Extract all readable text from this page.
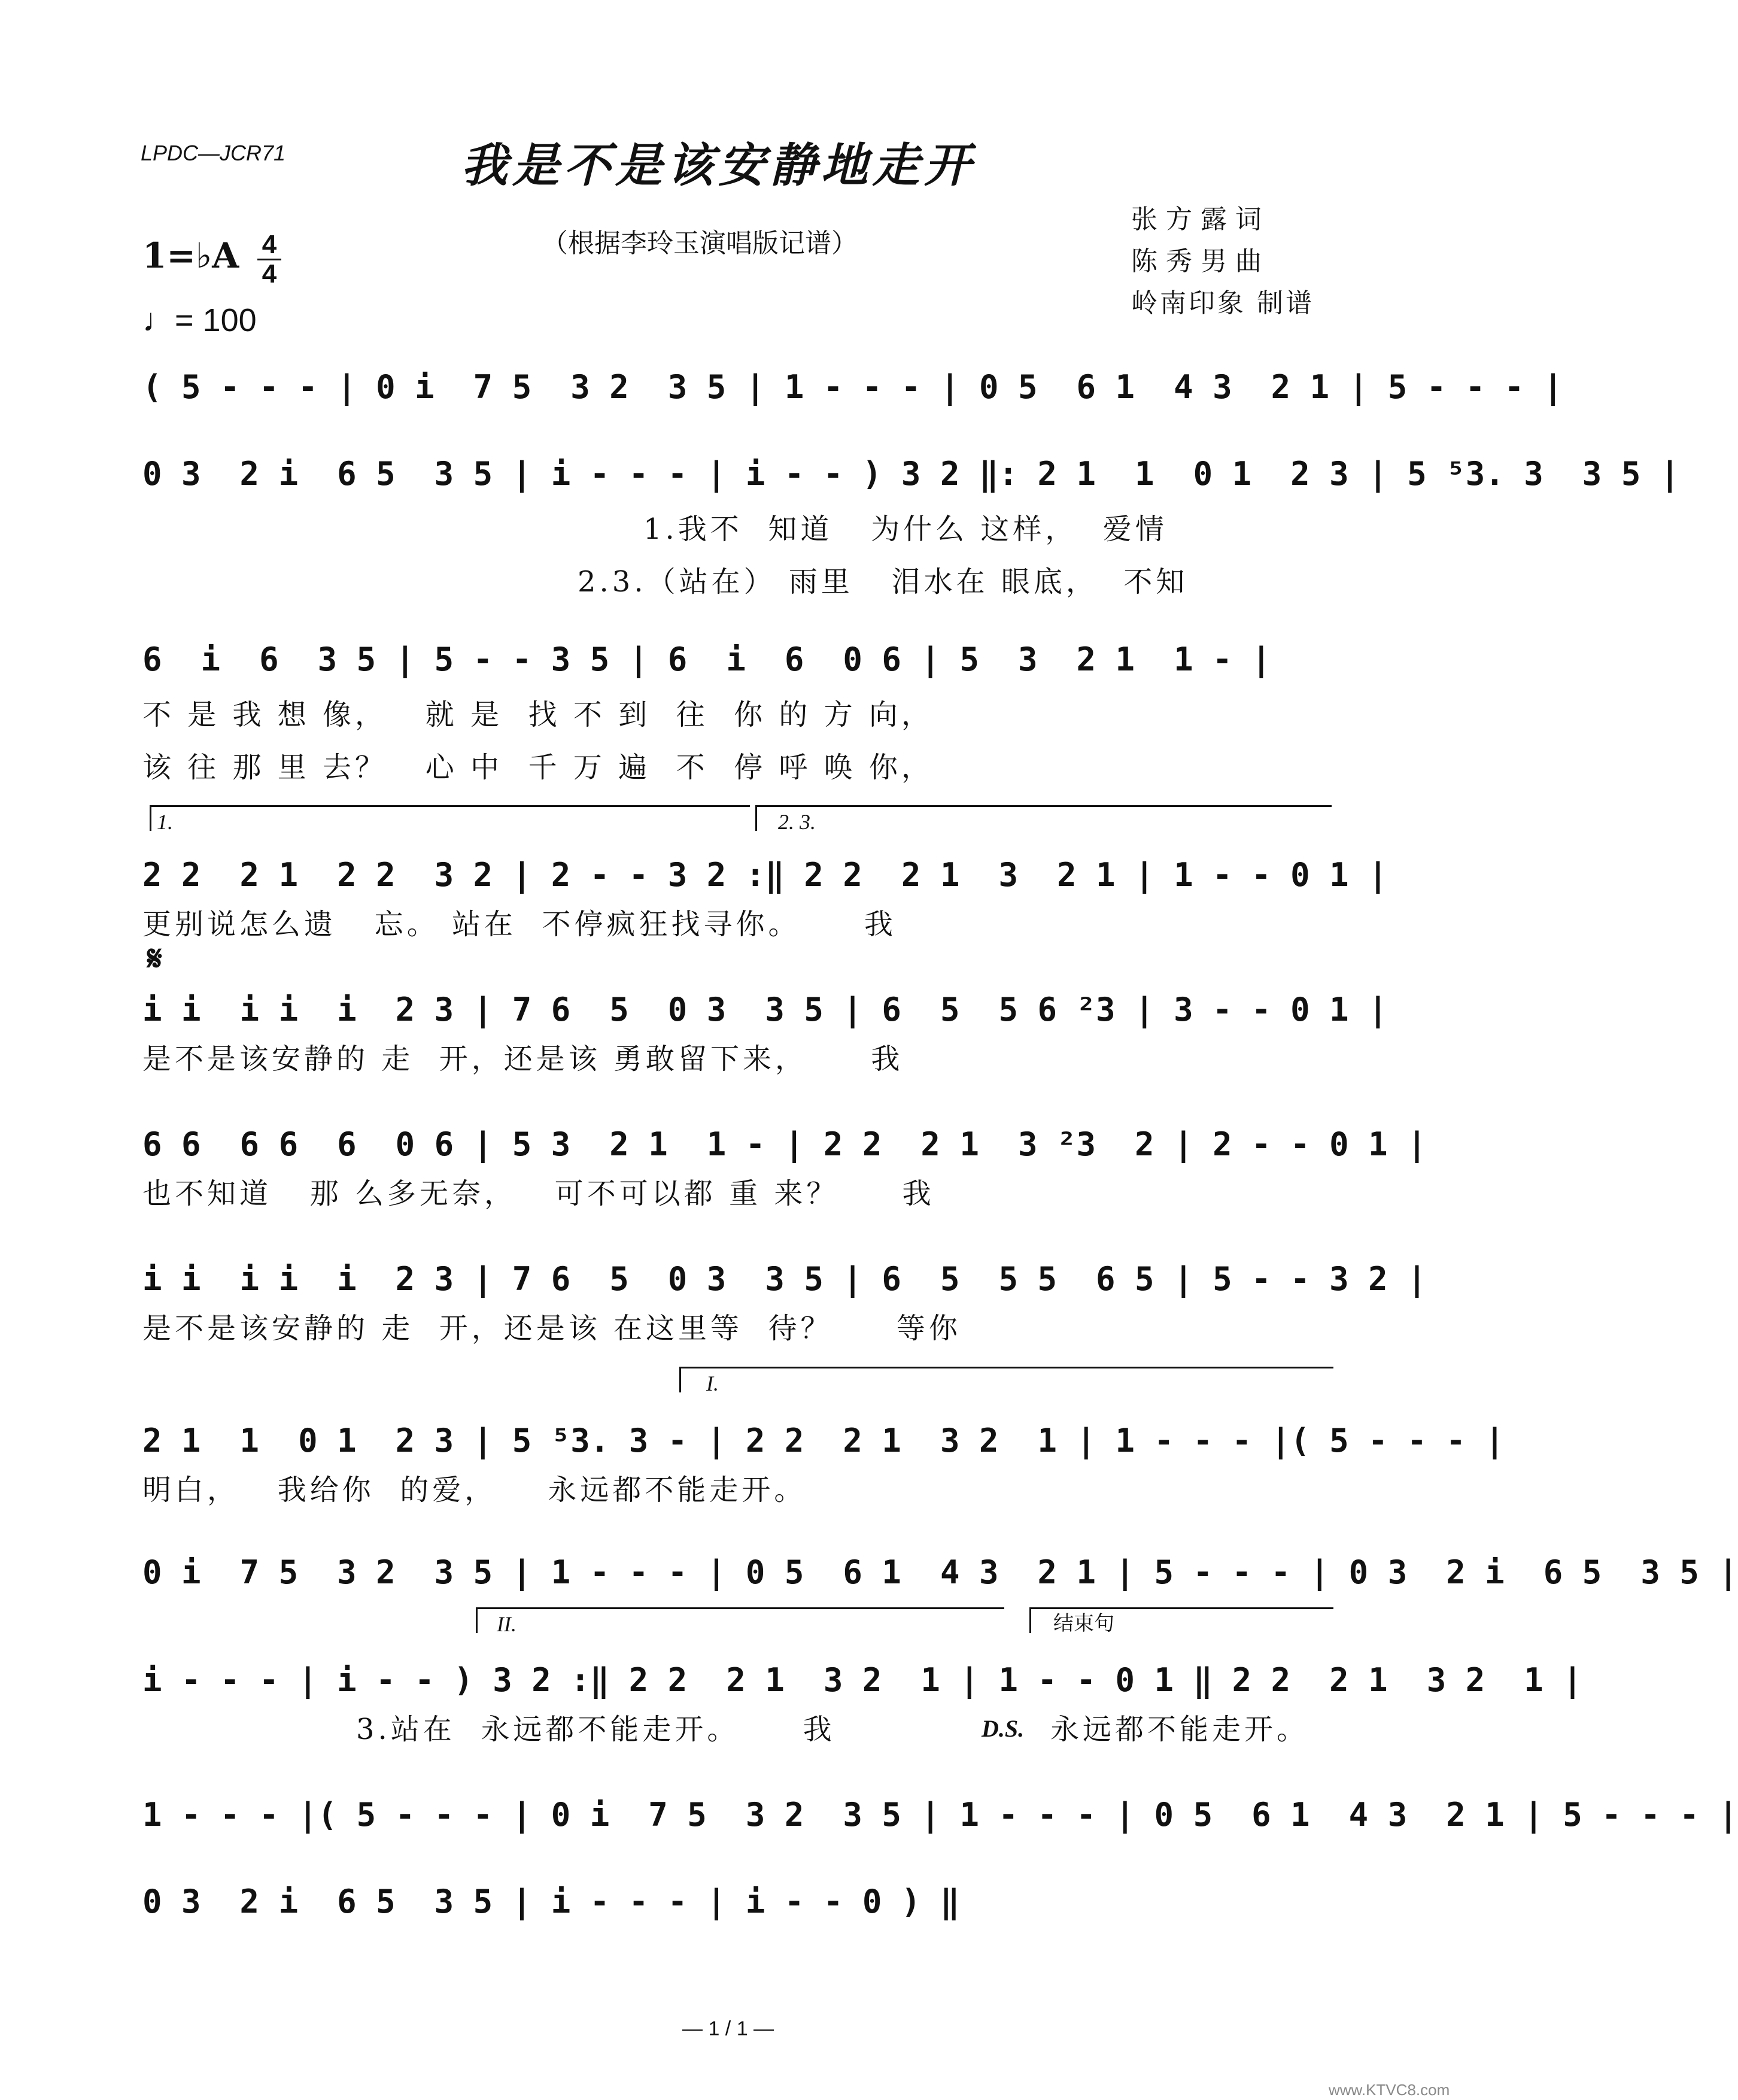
LPDC—JCR71	我是不是该安静地走开
（根据李玲玉演唱版记谱）
张方露词
陈秀男曲
岭南印象 制谱
1=♭A 4
4
♩= 100
( 5 - - - | 0 i  7 5  3 2  3 5 | 1 - - - | 0 5  6 1  4 3  2 1 | 5 - - - |
0 3  2 i  6 5  3 5 | i - - - | i - - ) 3 2 ‖: 2 1  1  0 1  2 3 | 5 ⁵3. 3  3 5 |
1.我不  知道   为什么 这样，  爱情
2.3.（站在） 雨里   泪水在 眼底，  不知
6  i  6  3 5 | 5 - - 3 5 | 6  i  6  0 6 | 5  3  2 1  1 - |
不 是 我 想 像，   就 是  找 不 到  往  你 的 方 向，
该 往 那 里 去？   心 中  千 万 遍  不  停 呼 唤 你，
1.	2. 3.
2 2  2 1  2 2  3 2 | 2 - - 3 2 :‖ 2 2  2 1  3  2 1 | 1 - - 0 1 |
更别说怎么遗   忘。 站在  不停疯狂找寻你。     我
𝄋
i i  i i  i  2 3 | 7 6  5  0 3  3 5 | 6  5  5 6 ²3 | 3 - - 0 1 |
是不是该安静的 走  开，还是该 勇敢留下来，     我
6 6  6 6  6  0 6 | 5 3  2 1  1 - | 2 2  2 1  3 ²3  2 | 2 - - 0 1 |
也不知道   那 么多无奈，   可不可以都 重 来？     我
i i  i i  i  2 3 | 7 6  5  0 3  3 5 | 6  5  5 5  6 5 | 5 - - 3 2 |
是不是该安静的 走  开，还是该 在这里等  待？     等你
I.
2 1  1  0 1  2 3 | 5 ⁵3. 3 - | 2 2  2 1  3 2  1 | 1 - - - |( 5 - - - |
明白，   我给你  的爱，    永远都不能走开。
0 i  7 5  3 2  3 5 | 1 - - - | 0 5  6 1  4 3  2 1 | 5 - - - | 0 3  2 i  6 5  3 5 |
II.	结束句
i - - - | i - - ) 3 2 :‖ 2 2  2 1  3 2  1 | 1 - - 0 1 ‖ 2 2  2 1  3 2  1 |
3.站在  永远都不能走开。     我	D.S. 永远都不能走开。
1 - - - |( 5 - - - | 0 i  7 5  3 2  3 5 | 1 - - - | 0 5  6 1  4 3  2 1 | 5 - - - |
0 3  2 i  6 5  3 5 | i - - - | i - - 0 ) ‖
— 1 / 1 —
www.KTVC8.com
